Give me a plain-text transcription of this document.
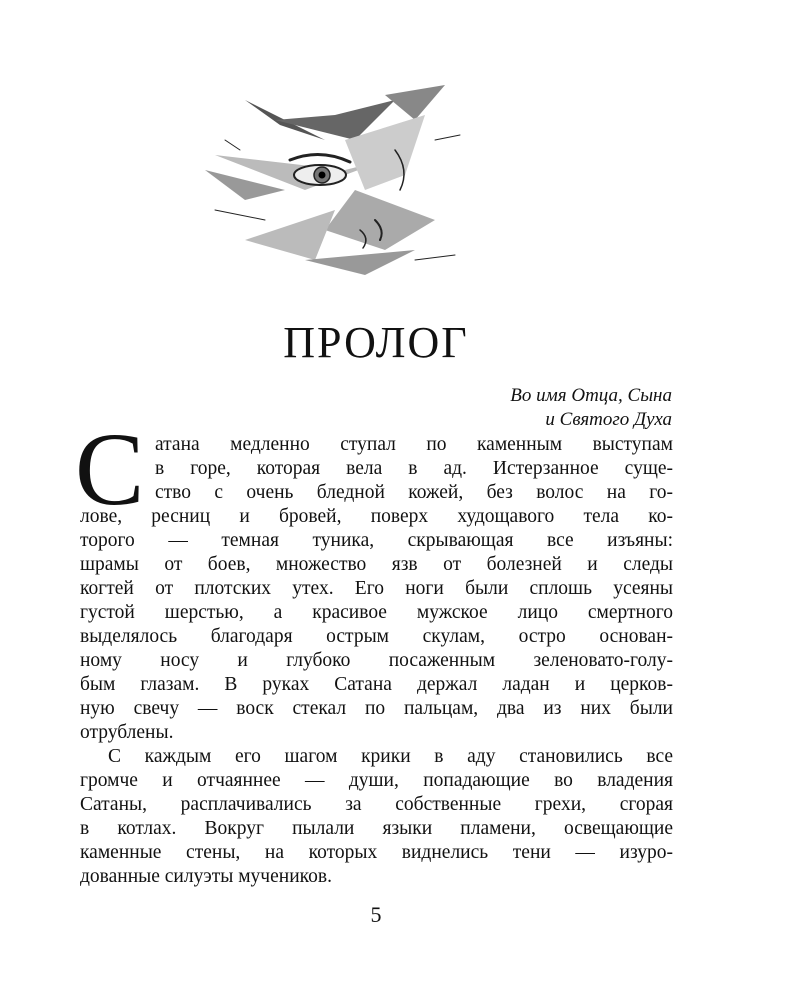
ПРОЛОГ
Во имя Отца, Сына
и Святого Духа
С атана медленно ступал по каменным выступам
в горе, которая вела в ад. Истерзанное суще-
ство с очень бледной кожей, без волос на го-
лове, ресниц и бровей, поверх худощавого тела ко-
торого — темная туника, скрывающая все изъяны:
шрамы от боев, множество язв от болезней и следы
когтей от плотских утех. Его ноги были сплошь усеяны
густой шерстью, а красивое мужское лицо смертного
выделялось благодаря острым скулам, остро основан-
ному носу и глубоко посаженным зеленовато-голу-
бым глазам. В руках Сатана держал ладан и церков-
ную свечу — воск стекал по пальцам, два из них были
отрублены.
С каждым его шагом крики в аду становились все
громче и отчаяннее — души, попадающие во владения
Сатаны, расплачивались за собственные грехи, сгорая
в котлах. Вокруг пылали языки пламени, освещающие
каменные стены, на которых виднелись тени — изуро-
дованные силуэты мучеников.
5
